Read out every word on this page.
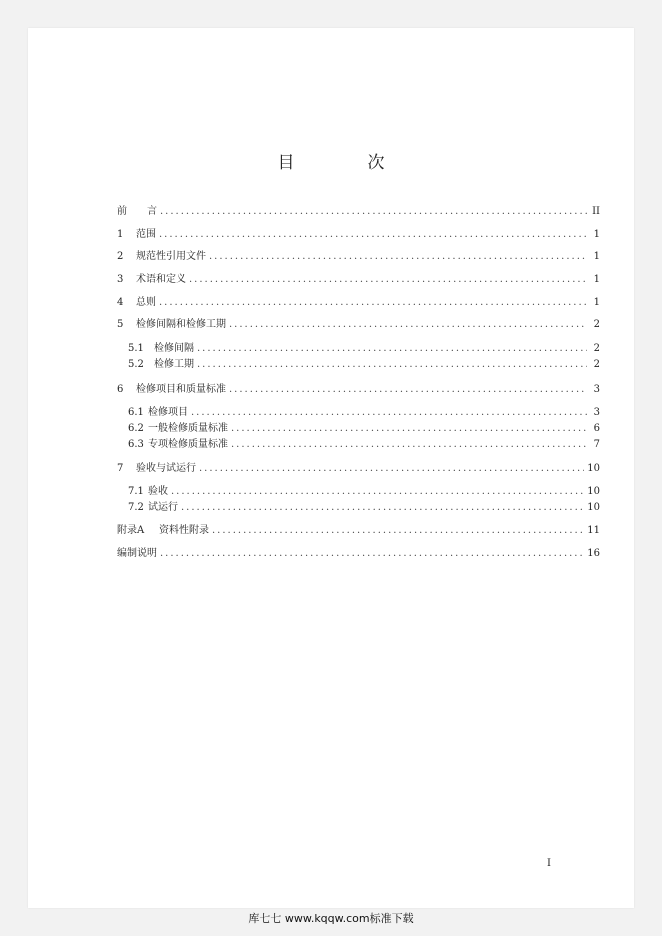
目　次
前　　言 .....	II
1	范围 .....	1
2	规范性引用文件 .....	1
3	术语和定义 .....	1
4	总则 .....	1
5	检修间隔和检修工期 .....	2
5.1	检修间隔 .....	2
5.2	检修工期 .....	2
6	检修项目和质量标准 .....	3
6.1 检修项目 .....	3
6.2 一般检修质量标准 .....	6
6.3 专项检修质量标准 .....	7
7	验收与试运行 .....	10
7.1 验收 .....	10
7.2 试运行 .....	10
附录A	资料性附录 .....	11
编制说明 .....	16
I
库七七 www.kqqw.com标准下载
